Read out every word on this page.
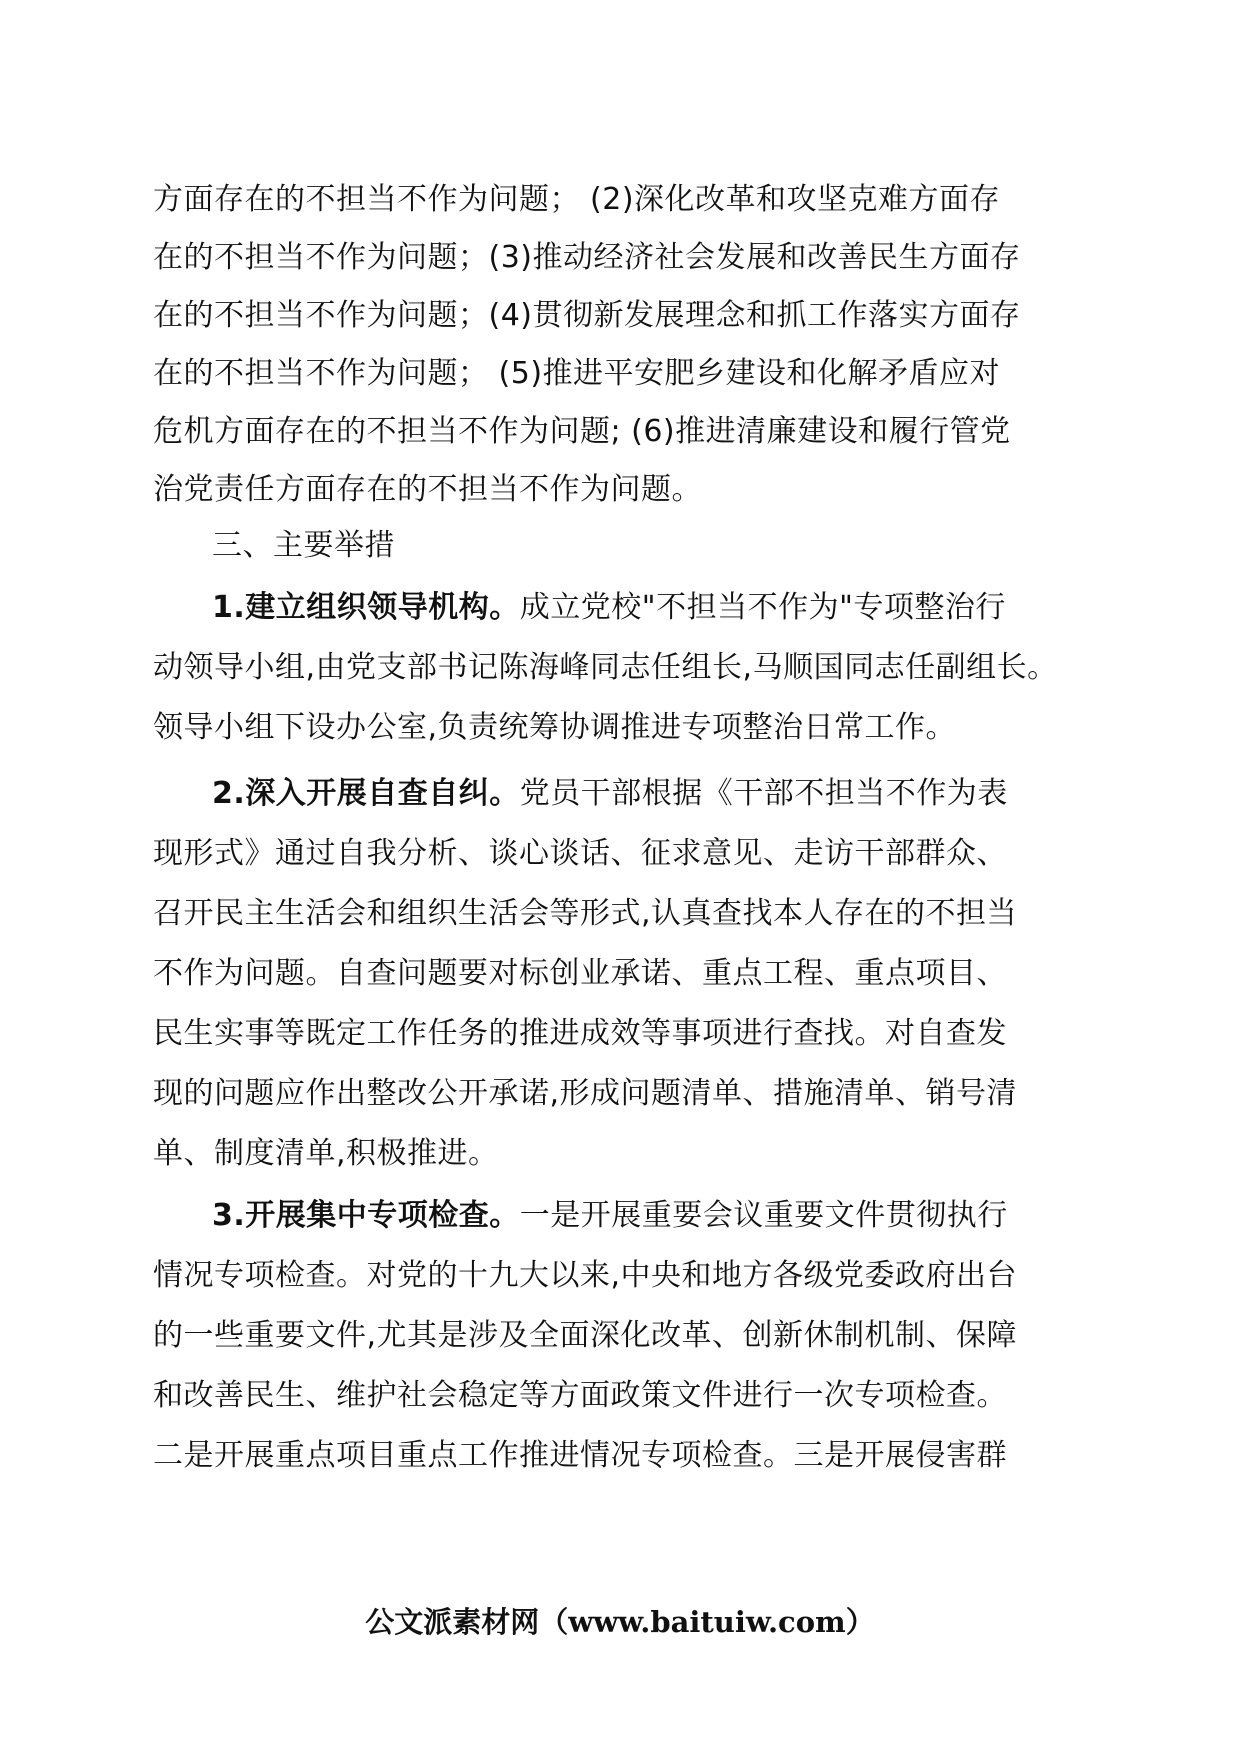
方面存在的不担当不作为问题； (2)深化改革和攻坚克难方面存
在的不担当不作为问题；(3)推动经济社会发展和改善民生方面存
在的不担当不作为问题；(4)贯彻新发展理念和抓工作落实方面存
在的不担当不作为问题； (5)推进平安肥乡建设和化解矛盾应对
危机方面存在的不担当不作为问题; (6)推进清廉建设和履行管党
治党责任方面存在的不担当不作为问题。
三、主要举措
1.建立组织领导机构。成立党校"不担当不作为"专项整治行
动领导小组,由党支部书记陈海峰同志任组长,马顺国同志任副组长。
领导小组下设办公室,负责统筹协调推进专项整治日常工作。
2.深入开展自查自纠。党员干部根据《干部不担当不作为表
现形式》通过自我分析、谈心谈话、征求意见、走访干部群众、
召开民主生活会和组织生活会等形式,认真查找本人存在的不担当
不作为问题。自查问题要对标创业承诺、重点工程、重点项目、
民生实事等既定工作任务的推进成效等事项进行查找。对自查发
现的问题应作出整改公开承诺,形成问题清单、措施清单、销号清
单、制度清单,积极推进。
3.开展集中专项检查。一是开展重要会议重要文件贯彻执行
情况专项检查。对党的十九大以来,中央和地方各级党委政府出台
的一些重要文件,尤其是涉及全面深化改革、创新休制机制、保障
和改善民生、维护社会稳定等方面政策文件进行一次专项检查。
二是开展重点项目重点工作推进情况专项检查。三是开展侵害群
公文派素材网（www.baituiw.com）
